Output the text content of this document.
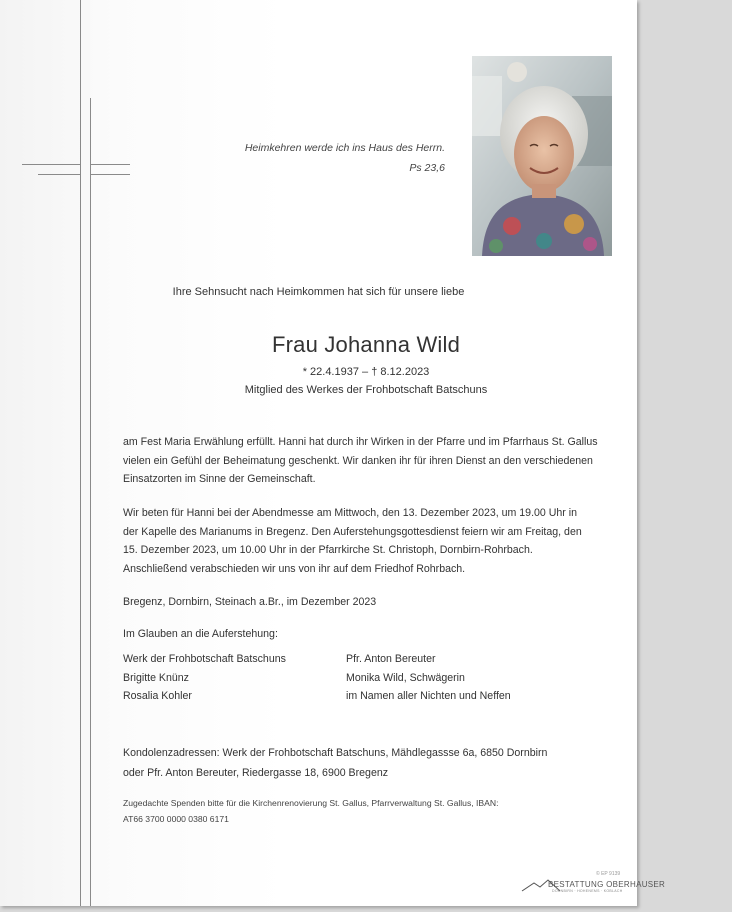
Heimkehren werde ich ins Haus des Herrn.
Ps 23,6
Ihre Sehnsucht nach Heimkommen hat sich für unsere liebe
Frau Johanna Wild
* 22.4.1937 – † 8.12.2023
Mitglied des Werkes der Frohbotschaft Batschuns
am Fest Maria Erwählung erfüllt. Hanni hat durch ihr Wirken in der Pfarre und im Pfarrhaus St. Gallus
vielen ein Gefühl der Beheimatung geschenkt. Wir danken ihr für ihren Dienst an den verschiedenen
Einsatzorten im Sinne der Gemeinschaft.
Wir beten für Hanni bei der Abendmesse am Mittwoch, den 13. Dezember 2023, um 19.00 Uhr in
der Kapelle des Marianums in Bregenz. Den Auferstehungsgottesdienst feiern wir am Freitag, den
15. Dezember 2023, um 10.00 Uhr in der Pfarrkirche St. Christoph, Dornbirn-Rohrbach.
Anschließend verabschieden wir uns von ihr auf dem Friedhof Rohrbach.
Bregenz, Dornbirn, Steinach a.Br., im Dezember 2023
Im Glauben an die Auferstehung:
Werk der Frohbotschaft Batschuns
Brigitte Knünz
Rosalia Kohler
Pfr. Anton Bereuter
Monika Wild, Schwägerin
im Namen aller Nichten und Neffen
Kondolenzadressen: Werk der Frohbotschaft Batschuns, Mähdlegassse 6a, 6850 Dornbirn
oder Pfr. Anton Bereuter, Riedergasse 18, 6900 Bregenz
Zugedachte Spenden bitte für die Kirchenrenovierung St. Gallus, Pfarrverwaltung St. Gallus, IBAN:
AT66 3700 0000 0380 6171
© EP 9139
BESTATTUNG OBERHAUSER
DORNBIRN · HOHENEMS · KOBLACH
